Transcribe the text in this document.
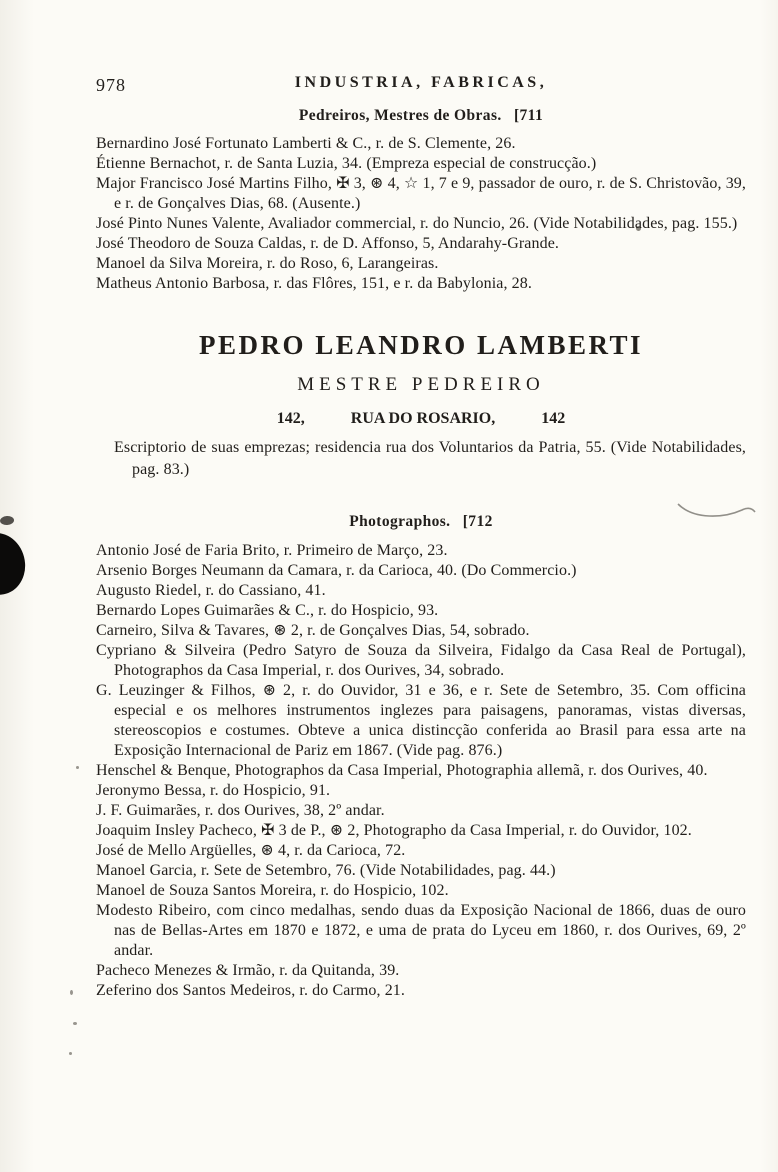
978	INDUSTRIA, FABRICAS,
Pedreiros, Mestres de Obras. [711

Bernardino José Fortunato Lamberti & C., r. de S. Clemente, 26.

Étienne Bernachot, r. de Santa Luzia, 34. (Empreza especial de construcção.)

Major Francisco José Martins Filho, ✠ 3, ⊛ 4, ☆ 1, 7 e 9, passador de ouro, r. de S. Christovão, 39, e r. de Gonçalves Dias, 68. (Ausente.)

José Pinto Nunes Valente, Avaliador commercial, r. do Nuncio, 26. (Vide Notabilidades, pag. 155.)

José Theodoro de Souza Caldas, r. de D. Affonso, 5, Andarahy-Grande.

Manoel da Silva Moreira, r. do Roso, 6, Larangeiras.

Matheus Antonio Barbosa, r. das Flôres, 151, e r. da Babylonia, 28.

PEDRO LEANDRO LAMBERTI
MESTRE PEDREIRO
142,	RUA DO ROSARIO,	142

Escriptorio de suas emprezas; residencia rua dos Voluntarios da Patria, 55. (Vide Notabilidades, pag. 83.)

Photographos. [712

Antonio José de Faria Brito, r. Primeiro de Março, 23.

Arsenio Borges Neumann da Camara, r. da Carioca, 40. (Do Commercio.)

Augusto Riedel, r. do Cassiano, 41.

Bernardo Lopes Guimarães & C., r. do Hospicio, 93.

Carneiro, Silva & Tavares, ⊛ 2, r. de Gonçalves Dias, 54, sobrado.

Cypriano & Silveira (Pedro Satyro de Souza da Silveira, Fidalgo da Casa Real de Portugal), Photographos da Casa Imperial, r. dos Ourives, 34, sobrado.

G. Leuzinger & Filhos, ⊛ 2, r. do Ouvidor, 31 e 36, e r. Sete de Setembro, 35. Com officina especial e os melhores instrumentos inglezes para paisagens, panoramas, vistas diversas, stereoscopios e costumes. Obteve a unica distincção conferida ao Brasil para essa arte na Exposição Internacional de Pariz em 1867. (Vide pag. 876.)

Henschel & Benque, Photographos da Casa Imperial, Photographia allemã, r. dos Ourives, 40.

Jeronymo Bessa, r. do Hospicio, 91.

J. F. Guimarães, r. dos Ourives, 38, 2º andar.

Joaquim Insley Pacheco, ✠ 3 de P., ⊛ 2, Photographo da Casa Imperial, r. do Ouvidor, 102.

José de Mello Argüelles, ⊛ 4, r. da Carioca, 72.

Manoel Garcia, r. Sete de Setembro, 76. (Vide Notabilidades, pag. 44.)

Manoel de Souza Santos Moreira, r. do Hospicio, 102.

Modesto Ribeiro, com cinco medalhas, sendo duas da Exposição Nacional de 1866, duas de ouro nas de Bellas-Artes em 1870 e 1872, e uma de prata do Lyceu em 1860, r. dos Ourives, 69, 2º andar.

Pacheco Menezes & Irmão, r. da Quitanda, 39.

Zeferino dos Santos Medeiros, r. do Carmo, 21.
